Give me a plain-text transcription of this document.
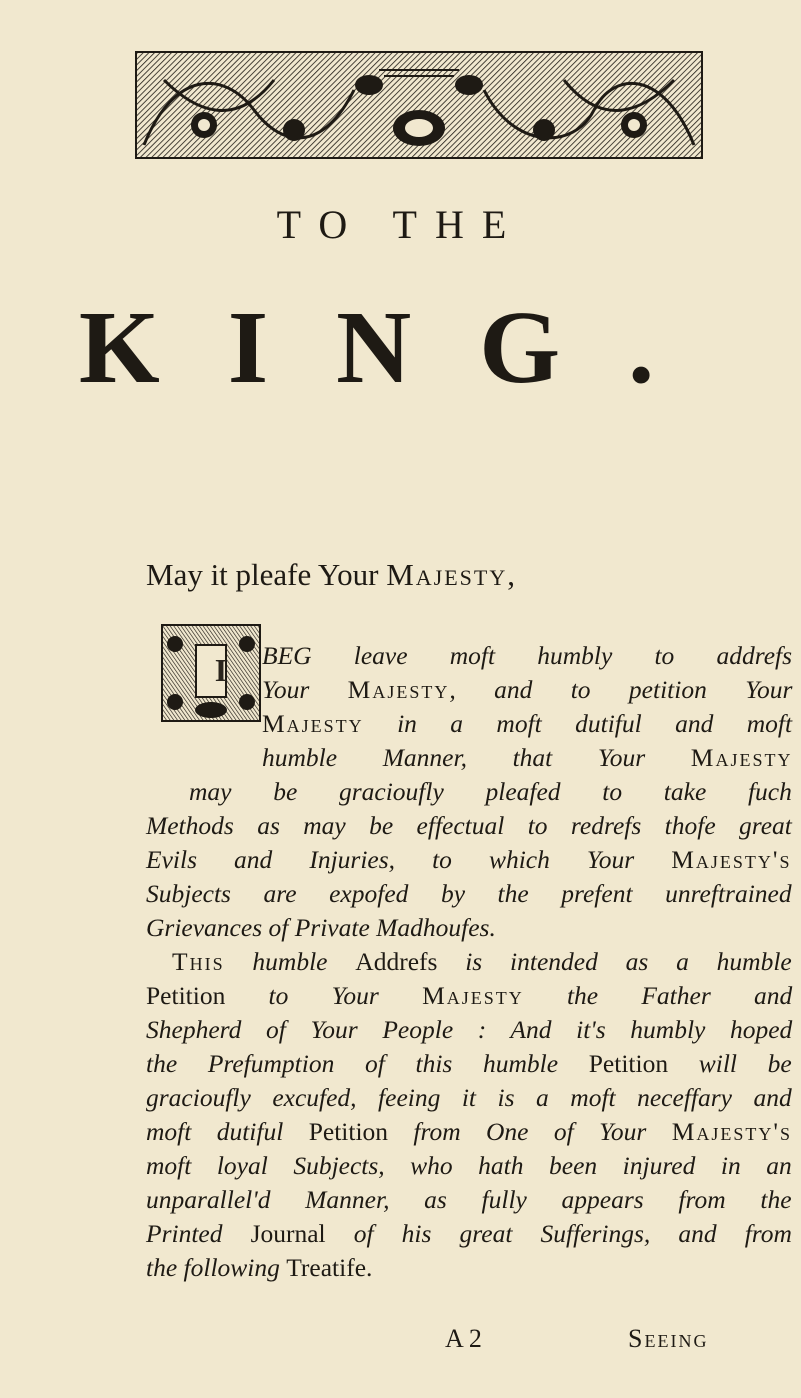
TO THE
KING.
May it pleafe Your Majesty,
I BEG leave moft humbly to addrefs
Your Majesty, and to petition Your
Majesty in a moft dutiful and moft
humble Manner, that Your Majesty
may be gracioufly pleafed to take fuch
Methods as may be effectual to redrefs thofe great
Evils and Injuries, to which Your Majesty's
Subjects are expofed by the prefent unreftrained
Grievances of Private Madhoufes.
This humble Addrefs is intended as a humble
Petition to Your Majesty the Father and
Shepherd of Your People : And it's humbly hoped
the Prefumption of this humble Petition will be
gracioufly excufed, feeing it is a moft neceffary and
moft dutiful Petition from One of Your Majesty's
moft loyal Subjects, who hath been injured in an
unparallel'd Manner, as fully appears from the
Printed Journal of his great Sufferings, and from
the following Treatife.
A 2	Seeing
